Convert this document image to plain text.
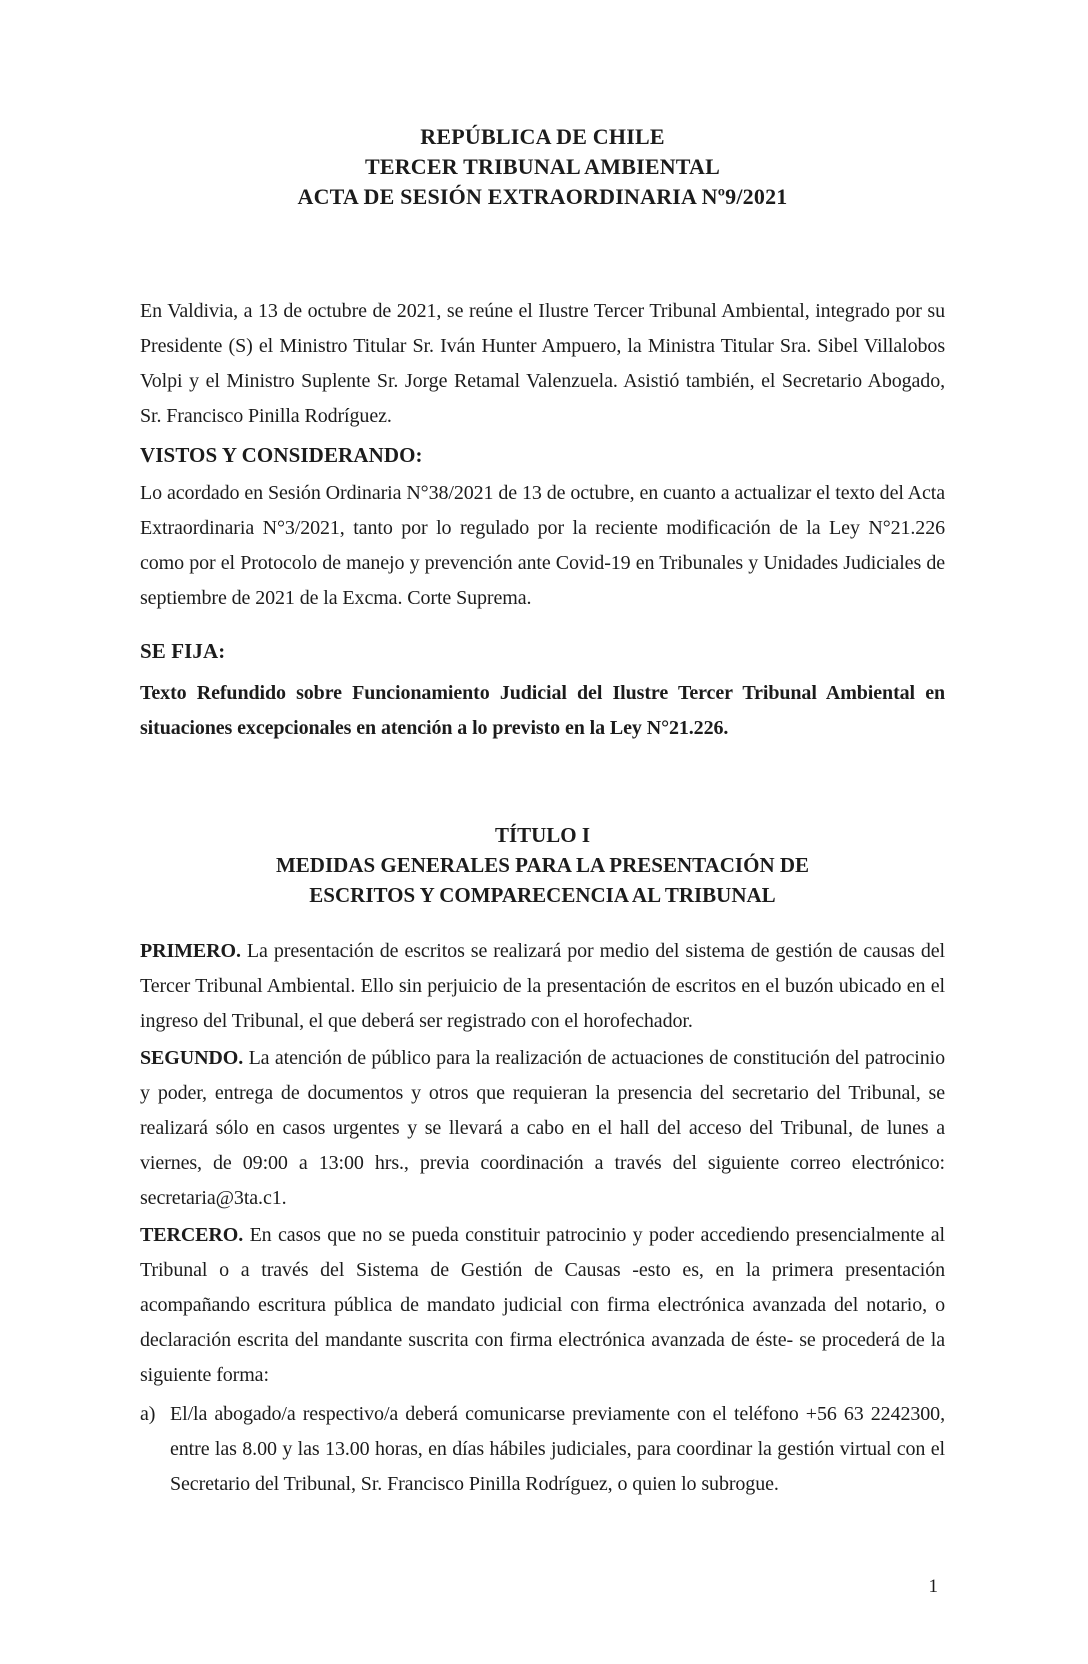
REPÚBLICA DE CHILE
TERCER TRIBUNAL AMBIENTAL
ACTA DE SESIÓN EXTRAORDINARIA Nº9/2021

En Valdivia, a 13 de octubre de 2021, se reúne el Ilustre Tercer Tribunal Ambiental, integrado por su Presidente (S) el Ministro Titular Sr. Iván Hunter Ampuero, la Ministra Titular Sra. Sibel Villalobos Volpi y el Ministro Suplente Sr. Jorge Retamal Valenzuela. Asistió también, el Secretario Abogado, Sr. Francisco Pinilla Rodríguez.

VISTOS Y CONSIDERANDO:

Lo acordado en Sesión Ordinaria N°38/2021 de 13 de octubre, en cuanto a actualizar el texto del Acta Extraordinaria N°3/2021, tanto por lo regulado por la reciente modificación de la Ley N°21.226 como por el Protocolo de manejo y prevención ante Covid-19 en Tribunales y Unidades Judiciales de septiembre de 2021 de la Excma. Corte Suprema.

SE FIJA:

Texto Refundido sobre Funcionamiento Judicial del Ilustre Tercer Tribunal Ambiental en situaciones excepcionales en atención a lo previsto en la Ley N°21.226.

TÍTULO I
MEDIDAS GENERALES PARA LA PRESENTACIÓN DE
ESCRITOS Y COMPARECENCIA AL TRIBUNAL

PRIMERO. La presentación de escritos se realizará por medio del sistema de gestión de causas del Tercer Tribunal Ambiental. Ello sin perjuicio de la presentación de escritos en el buzón ubicado en el ingreso del Tribunal, el que deberá ser registrado con el horofechador.

SEGUNDO. La atención de público para la realización de actuaciones de constitución del patrocinio y poder, entrega de documentos y otros que requieran la presencia del secretario del Tribunal, se realizará sólo en casos urgentes y se llevará a cabo en el hall del acceso del Tribunal, de lunes a viernes, de 09:00 a 13:00 hrs., previa coordinación a través del siguiente correo electrónico: secretaria@3ta.c1.

TERCERO. En casos que no se pueda constituir patrocinio y poder accediendo presencialmente al Tribunal o a través del Sistema de Gestión de Causas -esto es, en la primera presentación acompañando escritura pública de mandato judicial con firma electrónica avanzada del notario, o declaración escrita del mandante suscrita con firma electrónica avanzada de éste- se procederá de la siguiente forma:

a) El/la abogado/a respectivo/a deberá comunicarse previamente con el teléfono +56 63 2242300, entre las 8.00 y las 13.00 horas, en días hábiles judiciales, para coordinar la gestión virtual con el Secretario del Tribunal, Sr. Francisco Pinilla Rodríguez, o quien lo subrogue.
1
